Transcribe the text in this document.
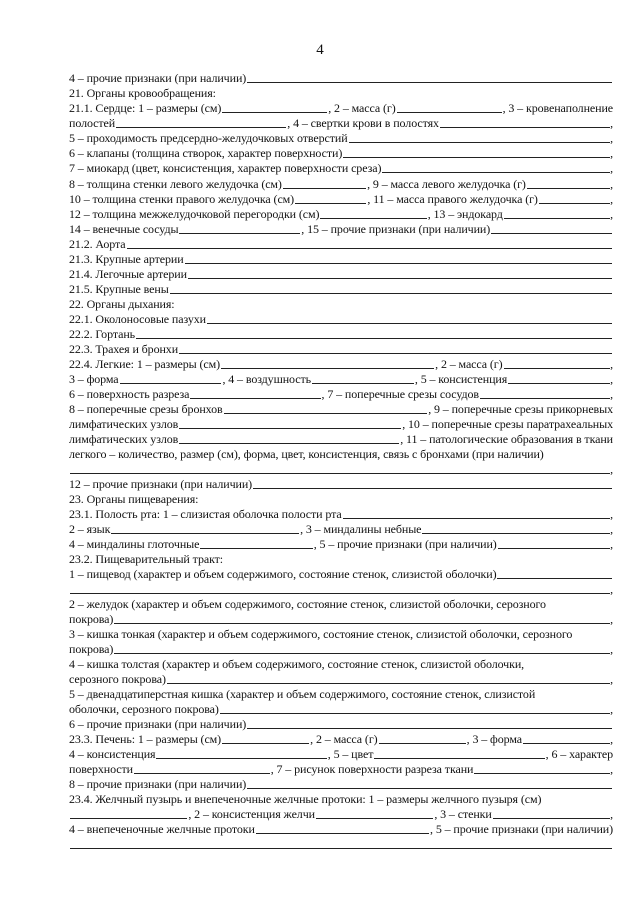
4
4 – прочие признаки (при наличии)
21. Органы кровообращения:
21.1. Сердце: 1 – размеры (см)	, 2 – масса (г)	, 3 – кровенаполнение
полостей	, 4 – свертки крови в полостях	,
5 – проходимость предсердно-желудочковых отверстий	,
6 – клапаны (толщина створок, характер поверхности)	,
7 – миокард (цвет, консистенция, характер поверхности среза)	,
8 – толщина стенки левого желудочка (см)	, 9 – масса левого желудочка (г)	,
10 – толщина стенки правого желудочка (см)	, 11 – масса правого желудочка (г)	,
12 – толщина межжелудочковой перегородки (см)	, 13 – эндокард	,
14 – венечные сосуды	, 15 – прочие признаки (при наличии)
21.2. Аорта
21.3. Крупные артерии
21.4. Легочные артерии
21.5. Крупные вены
22. Органы дыхания:
22.1. Околоносовые пазухи
22.2. Гортань
22.3. Трахея и бронхи
22.4. Легкие: 1 – размеры (см)	, 2 – масса (г)	,
3 – форма	, 4 – воздушность	, 5 – консистенция	,
6 – поверхность разреза	, 7 – поперечные срезы сосудов	,
8 – поперечные срезы бронхов	, 9 – поперечные срезы прикорневых
лимфатических узлов	, 10 – поперечные срезы паратрахеальных
лимфатических узлов	, 11 – патологические образования в ткани
легкого – количество, размер (см), форма, цвет, консистенция, связь с бронхами (при наличии)
,
12 – прочие признаки (при наличии)
23. Органы пищеварения:
23.1. Полость рта: 1 – слизистая оболочка полости рта	,
2 – язык	, 3 – миндалины небные	,
4 – миндалины глоточные	, 5 – прочие признаки (при наличии)	,
23.2. Пищеварительный тракт:
1 – пищевод (характер и объем содержимого, состояние стенок, слизистой оболочки)
,
2 – желудок (характер и объем содержимого, состояние стенок, слизистой оболочки, серозного
покрова)	,
3 – кишка тонкая (характер и объем содержимого, состояние стенок, слизистой оболочки, серозного
покрова)	,
4 – кишка толстая (характер и объем содержимого, состояние стенок, слизистой оболочки,
серозного покрова)	,
5 – двенадцатиперстная кишка (характер и объем содержимого, состояние стенок, слизистой
оболочки, серозного покрова)	,
6 – прочие признаки (при наличии)
23.3. Печень: 1 – размеры (см)	, 2 – масса (г)	, 3 – форма	,
4 – консистенция	, 5 – цвет	, 6 – характер
поверхности	, 7 – рисунок поверхности разреза ткани	,
8 – прочие признаки (при наличии)
23.4. Желчный пузырь и внепеченочные желчные протоки: 1 – размеры желчного пузыря (см)
, 2 – консистенция желчи	, 3 – стенки	,
4 – внепеченочные желчные протоки	, 5 – прочие признаки (при наличии)
